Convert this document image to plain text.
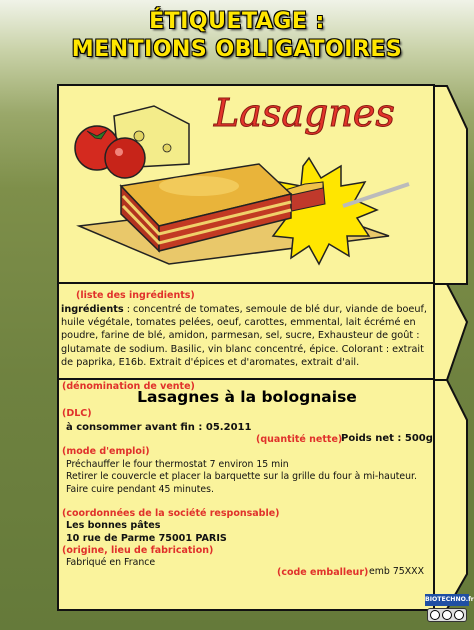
ÉTIQUETAGE :
MENTIONS OBLIGATOIRES
Lasagnes
(liste des ingrédients)
ingrédients : concentré de tomates, semoule de blé dur, viande de boeuf, huile végétale, tomates pelées, oeuf, carottes, emmental, lait écrémé en poudre, farine de blé, amidon, parmesan, sel, sucre, Exhausteur de goût : glutamate de sodium. Basilic, vin blanc concentré, épice. Colorant : extrait de paprika, E16b. Extrait d'épices et d'aromates, extrait d'ail.
(dénomination de vente)
Lasagnes à la bolognaise
(DLC)
à consommer avant fin : 05.2011
(quantité nette)
Poids net : 500g
(mode d'emploi)
Préchauffer le four thermostat 7 environ 15 min
Retirer le couvercle et placer la barquette sur la grille du four à mi-hauteur.
Faire cuire pendant 45 minutes.
(coordonnées de la société responsable)
Les bonnes pâtes
10 rue de Parme 75001 PARIS
(origine, lieu de fabrication)
Fabriqué en France
(code emballeur) emb 75XXX
BIOTECHNO.fr
